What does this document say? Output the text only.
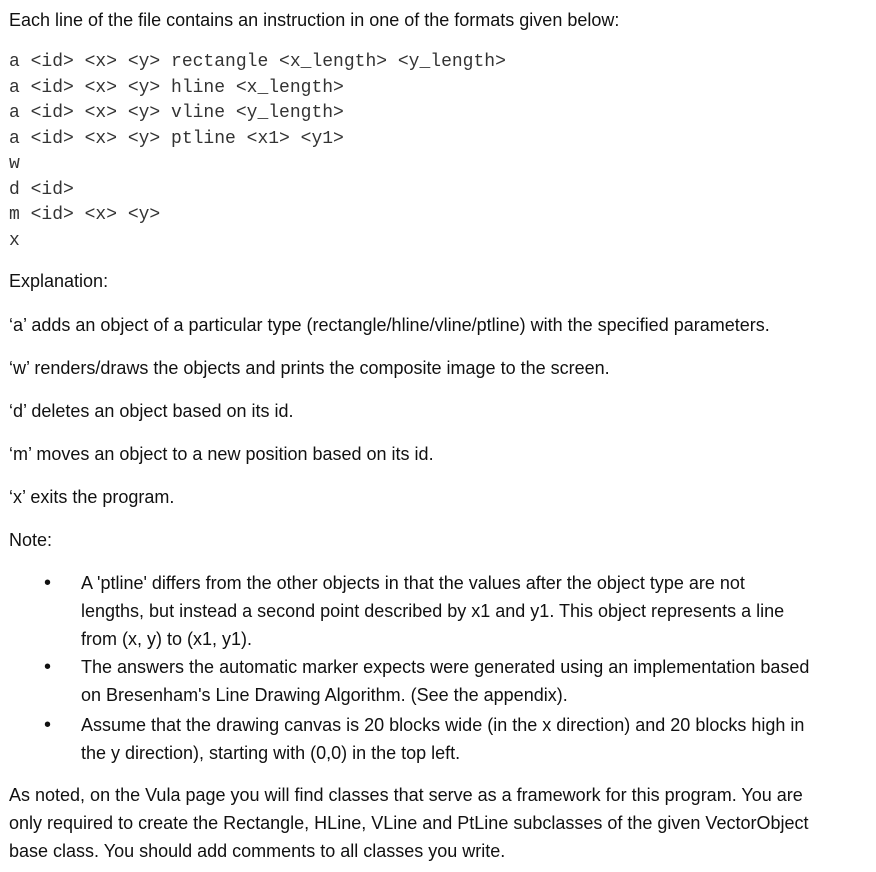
Each line of the file contains an instruction in one of the formats given below:
a <id> <x> <y> rectangle <x_length> <y_length>
a <id> <x> <y> hline <x_length>
a <id> <x> <y> vline <y_length>
a <id> <x> <y> ptline <x1> <y1>
w
d <id>
m <id> <x> <y>
x
Explanation:
‘a’ adds an object of a particular type (rectangle/hline/vline/ptline) with the specified parameters.
‘w’ renders/draws the objects and prints the composite image to the screen.
‘d’ deletes an object based on its id.
‘m’ moves an object to a new position based on its id.
‘x’ exits the program.
Note:
• A 'ptline' differs from the other objects in that the values after the object type are not
lengths, but instead a second point described by x1 and y1. This object represents a line
from (x, y) to (x1, y1).
• The answers the automatic marker expects were generated using an implementation based
on Bresenham's Line Drawing Algorithm. (See the appendix).
• Assume that the drawing canvas is 20 blocks wide (in the x direction) and 20 blocks high in
the y direction), starting with (0,0) in the top left.
As noted, on the Vula page you will find classes that serve as a framework for this program. You are
only required to create the Rectangle, HLine, VLine and PtLine subclasses of the given VectorObject
base class. You should add comments to all classes you write.
